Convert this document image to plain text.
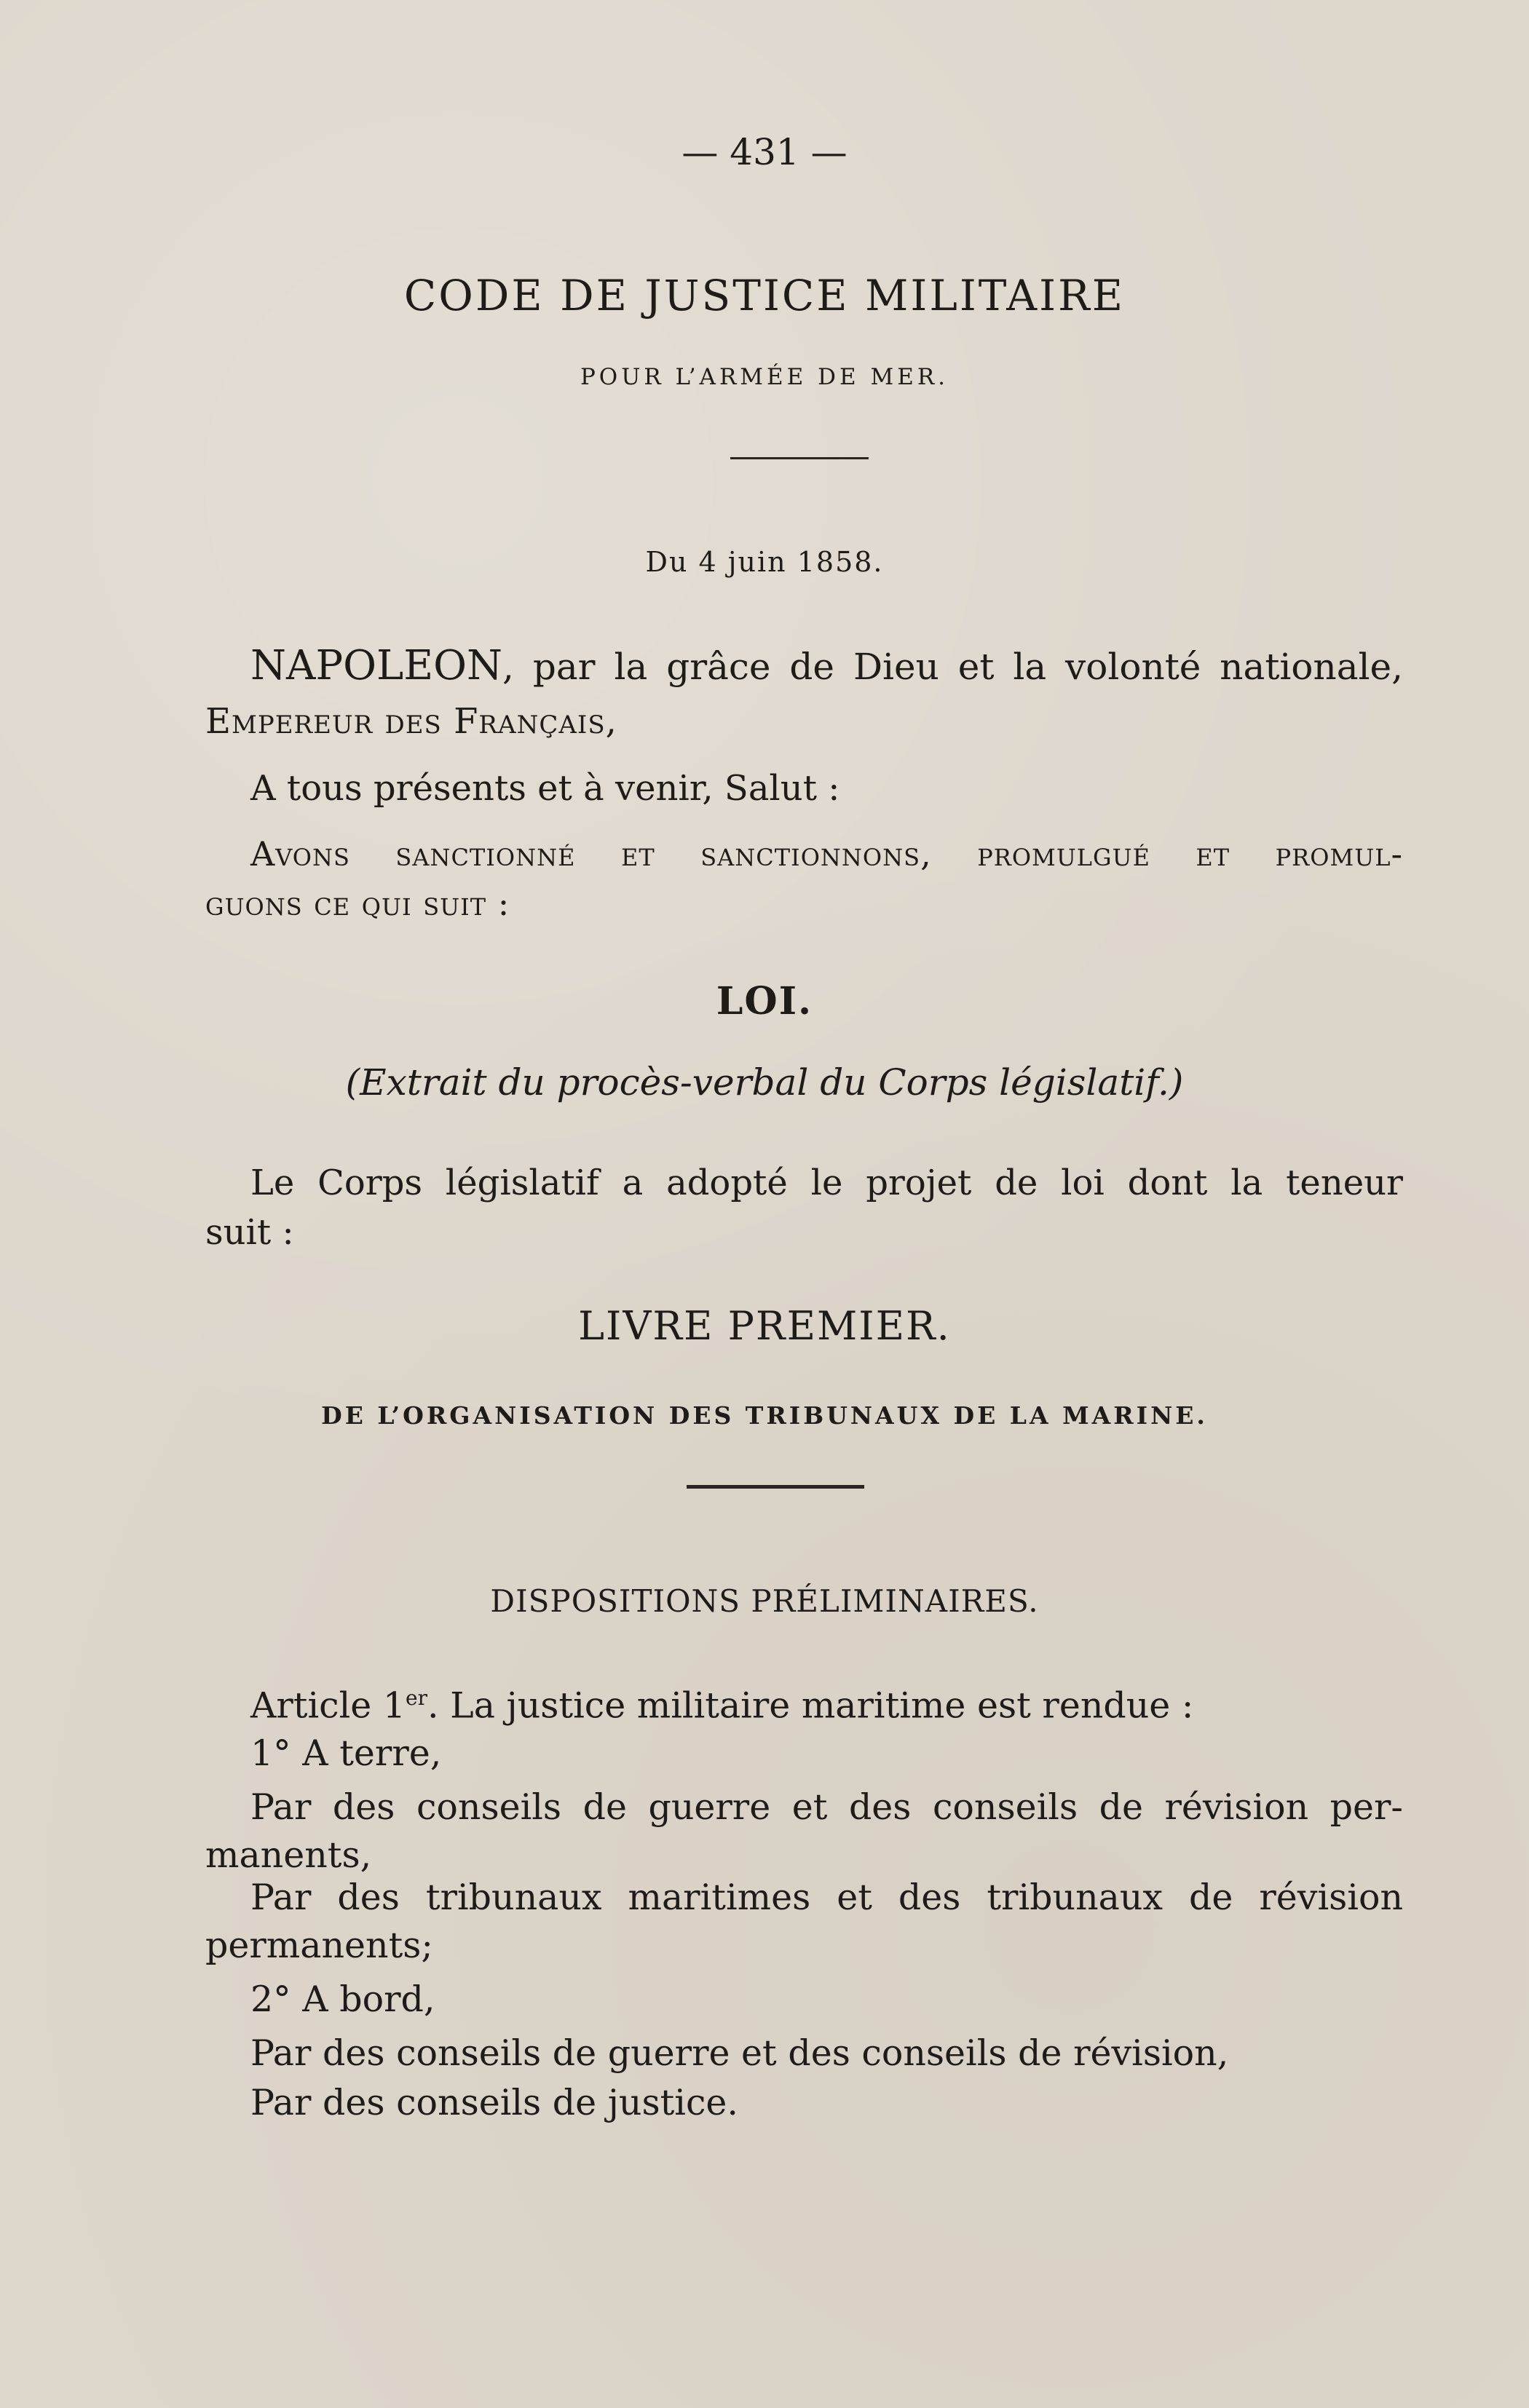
— 431 —
CODE DE JUSTICE MILITAIRE
POUR L’ARMÉE DE MER.
Du 4 juin 1858.
NAPOLEON, par la grâce de Dieu et la volonté nationale,
Empereur des Français,
A tous présents et à venir, Salut :
Avons sanctionné et sanctionnons, promulgué et promul-
guons ce qui suit :
LOI.
(Extrait du procès-verbal du Corps législatif.)
Le Corps législatif a adopté le projet de loi dont la teneur
suit :
LIVRE PREMIER.
DE L’ORGANISATION DES TRIBUNAUX DE LA MARINE.
DISPOSITIONS PRÉLIMINAIRES.
Article 1er. La justice militaire maritime est rendue :
1° A terre,
Par des conseils de guerre et des conseils de révision per-
manents,
Par des tribunaux maritimes et des tribunaux de révision
permanents;
2° A bord,
Par des conseils de guerre et des conseils de révision,
Par des conseils de justice.
